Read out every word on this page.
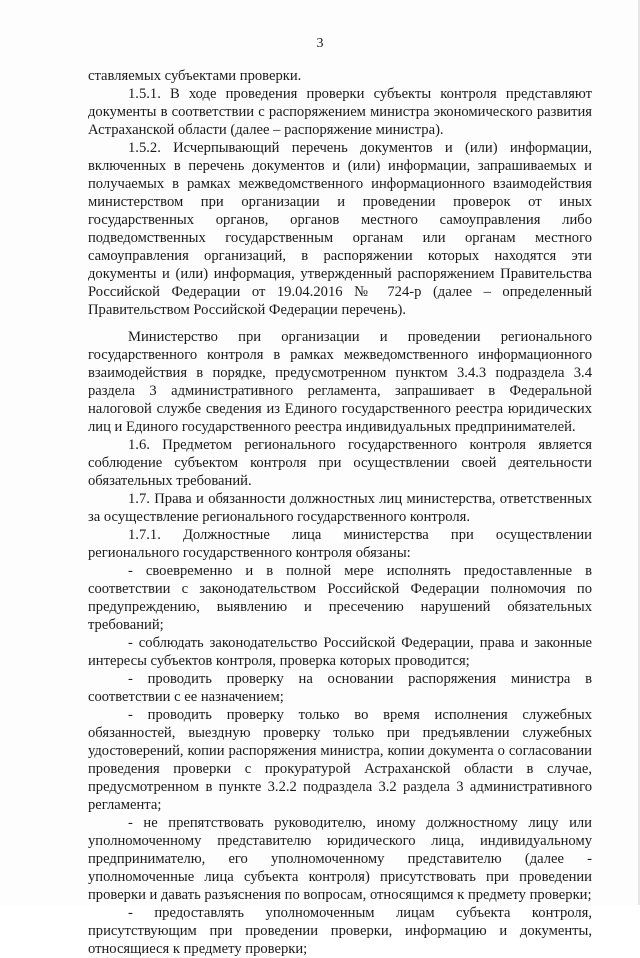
3

ставляемых субъектами проверки.

1.5.1. В ходе проведения проверки субъекты контроля представляют документы в соответствии с распоряжением министра экономического развития Астраханской области (далее – распоряжение министра).

1.5.2. Исчерпывающий перечень документов и (или) информации, включенных в перечень документов и (или) информации, запрашиваемых и получаемых в рамках межведомственного информационного взаимодействия министерством при организации и проведении проверок от иных государственных органов, органов местного самоуправления либо подведомственных государственным органам или органам местного самоуправления организаций, в распоряжении которых находятся эти документы и (или) информация, утвержденный распоряжением Правительства Российской Федерации от 19.04.2016 № 724-р (далее – определенный Правительством Российской Федерации перечень).

Министерство при организации и проведении регионального государственного контроля в рамках межведомственного информационного взаимодействия в порядке, предусмотренном пунктом 3.4.3 подраздела 3.4 раздела 3 административного регламента, запрашивает в Федеральной налоговой службе сведения из Единого государственного реестра юридических лиц и Единого государственного реестра индивидуальных предпринимателей.

1.6. Предметом регионального государственного контроля является соблюдение субъектом контроля при осуществлении своей деятельности обязательных требований.

1.7. Права и обязанности должностных лиц министерства, ответственных за осуществление регионального государственного контроля.

1.7.1. Должностные лица министерства при осуществлении регионального государственного контроля обязаны:

- своевременно и в полной мере исполнять предоставленные в соответствии с законодательством Российской Федерации полномочия по предупреждению, выявлению и пресечению нарушений обязательных требований;

- соблюдать законодательство Российской Федерации, права и законные интересы субъектов контроля, проверка которых проводится;

- проводить проверку на основании распоряжения министра в соответствии с ее назначением;

- проводить проверку только во время исполнения служебных обязанностей, выездную проверку только при предъявлении служебных удостоверений, копии распоряжения министра, копии документа о согласовании проведения проверки с прокуратурой Астраханской области в случае, предусмотренном в пункте 3.2.2 подраздела 3.2 раздела 3 административного регламента;

- не препятствовать руководителю, иному должностному лицу или уполномоченному представителю юридического лица, индивидуальному предпринимателю, его уполномоченному представителю (далее - уполномоченные лица субъекта контроля) присутствовать при проведении проверки и давать разъяснения по вопросам, относящимся к предмету проверки;

- предоставлять уполномоченным лицам субъекта контроля, присутствующим при проведении проверки, информацию и документы, относящиеся к предмету проверки;
